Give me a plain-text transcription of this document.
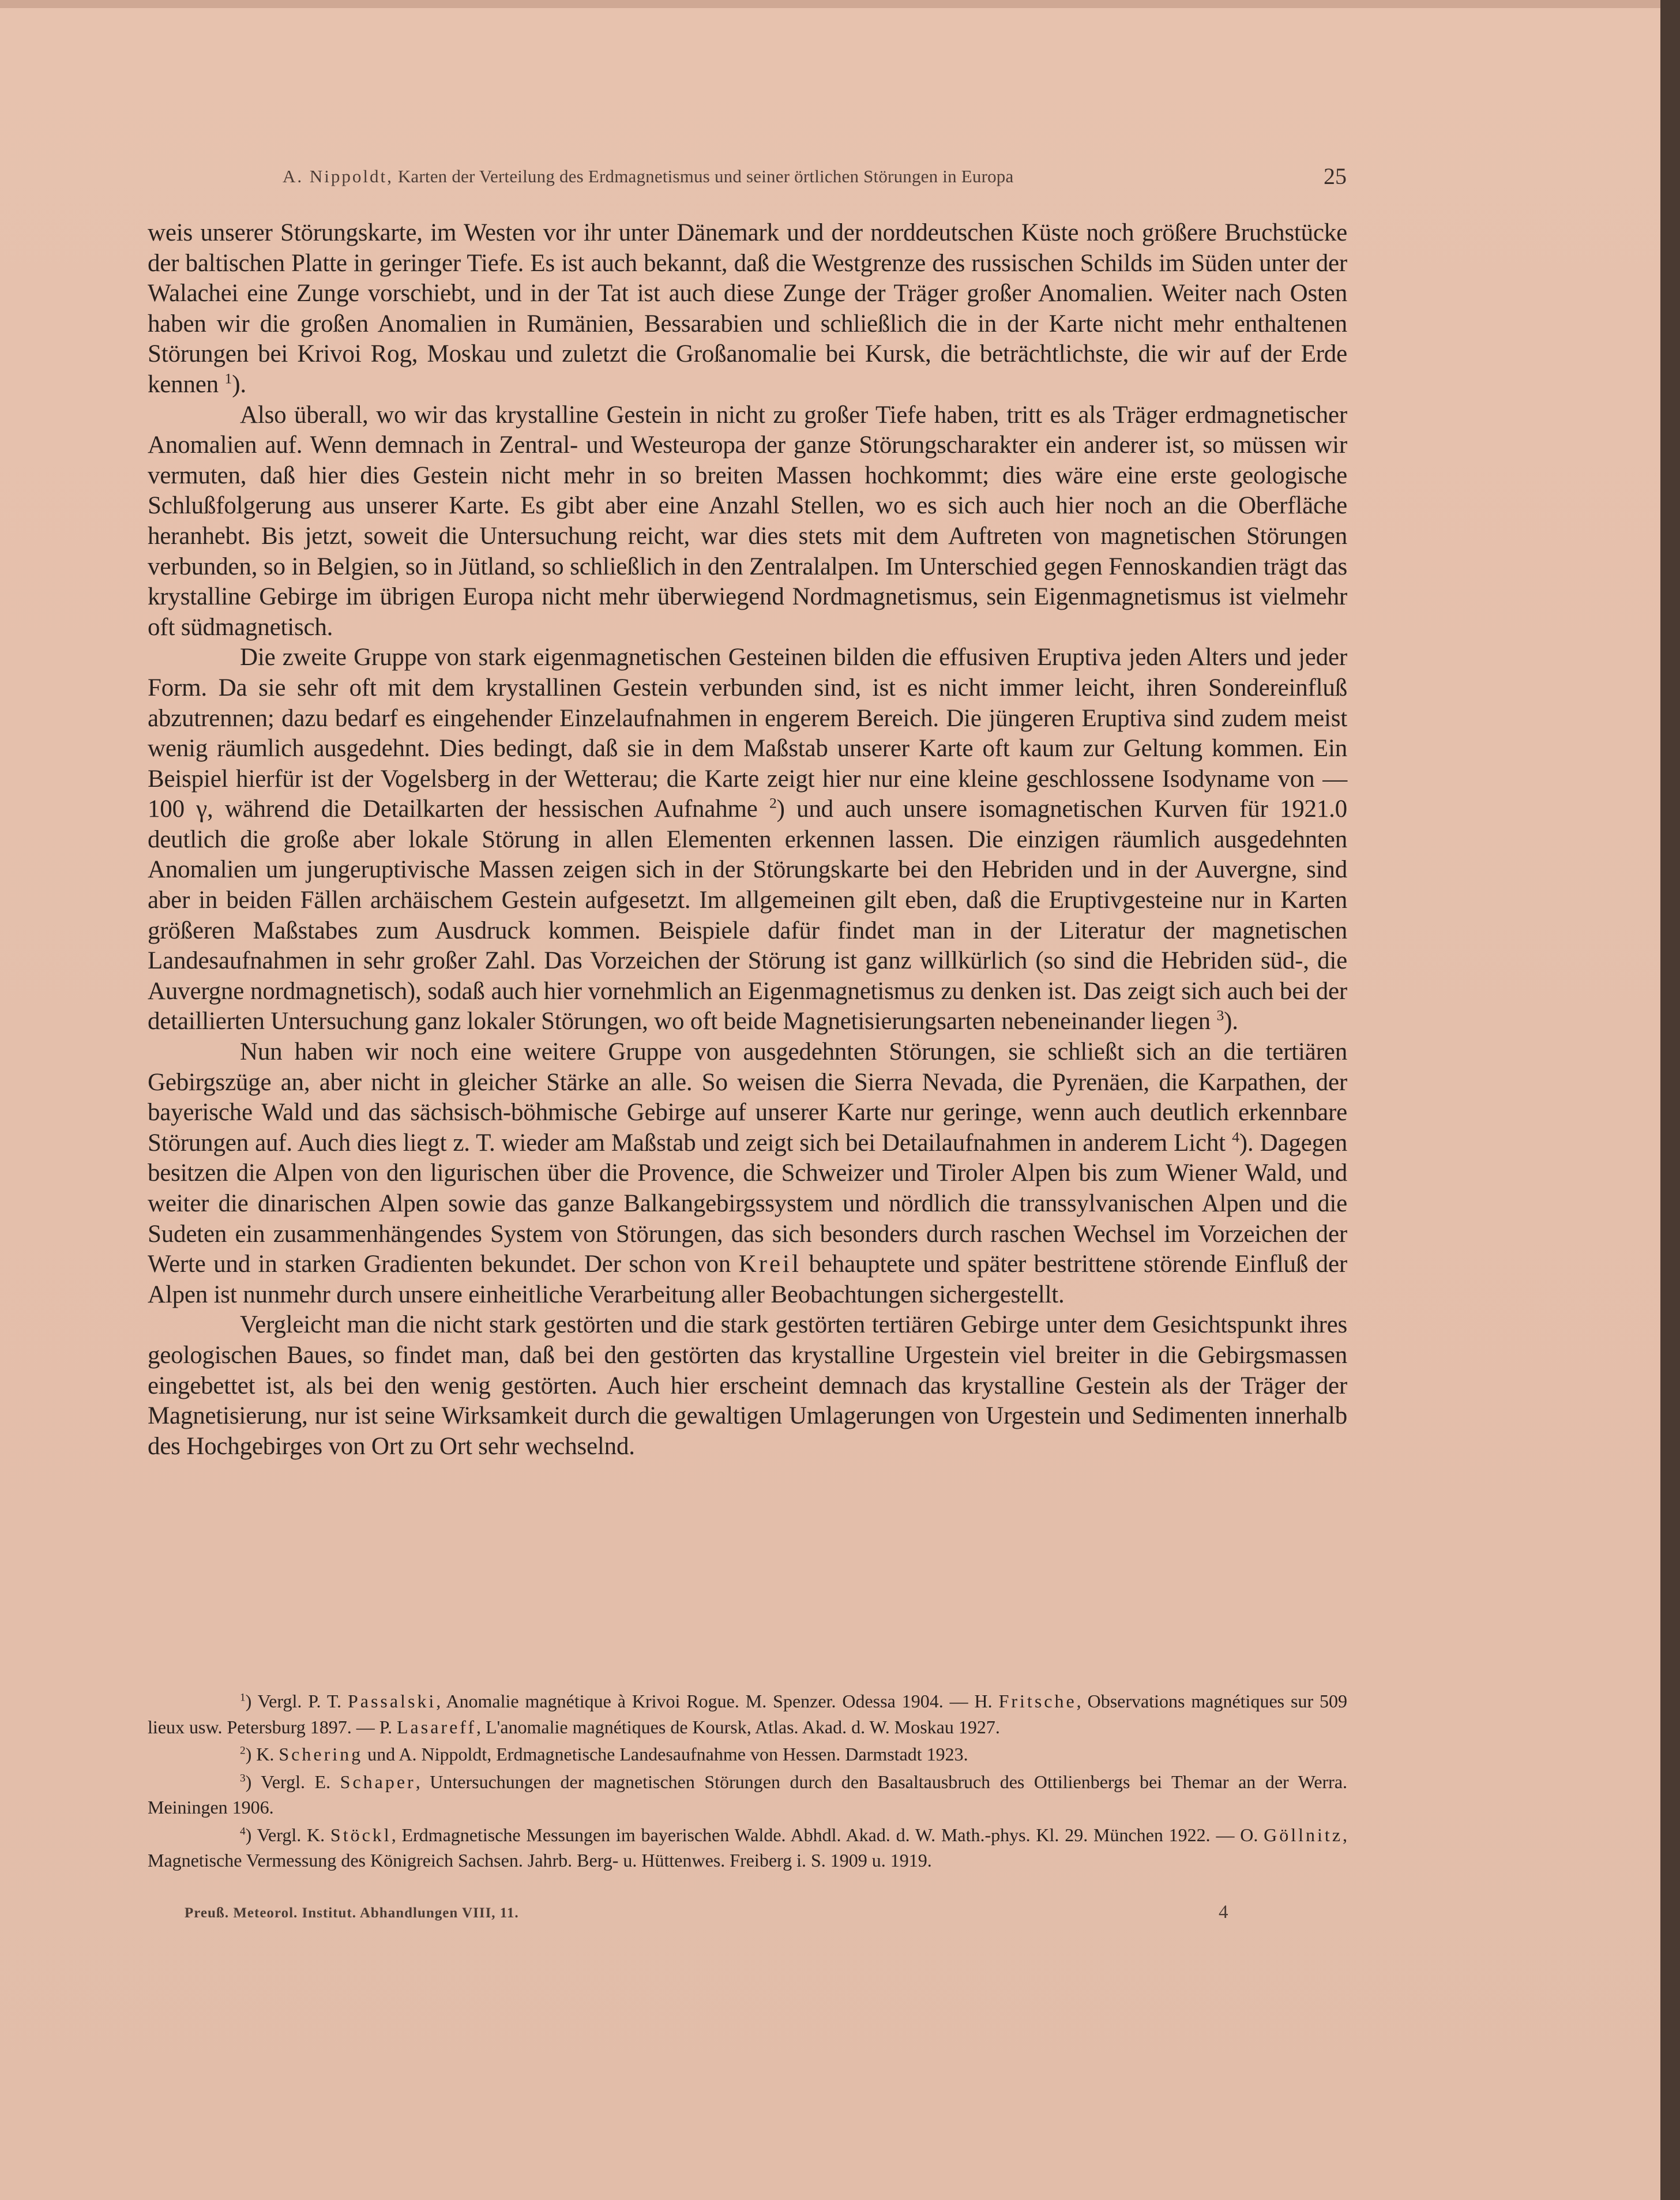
A. Nippoldt, Karten der Verteilung des Erdmagnetismus und seiner örtlichen Störungen in Europa	25

weis unserer Störungskarte, im Westen vor ihr unter Dänemark und der norddeutschen Küste noch größere Bruchstücke der baltischen Platte in geringer Tiefe. Es ist auch bekannt, daß die Westgrenze des russischen Schilds im Süden unter der Walachei eine Zunge vorschiebt, und in der Tat ist auch diese Zunge der Träger großer Anomalien. Weiter nach Osten haben wir die großen Anomalien in Rumänien, Bessarabien und schließlich die in der Karte nicht mehr enthaltenen Störungen bei Krivoi Rog, Moskau und zuletzt die Großanomalie bei Kursk, die beträchtlichste, die wir auf der Erde kennen $^1$).

Also überall, wo wir das krystalline Gestein in nicht zu großer Tiefe haben, tritt es als Träger erdmagnetischer Anomalien auf. Wenn demnach in Zentral- und Westeuropa der ganze Störungscharakter ein anderer ist, so müssen wir vermuten, daß hier dies Gestein nicht mehr in so breiten Massen hochkommt; dies wäre eine erste geologische Schlußfolgerung aus unserer Karte. Es gibt aber eine Anzahl Stellen, wo es sich auch hier noch an die Oberfläche heranhebt. Bis jetzt, soweit die Untersuchung reicht, war dies stets mit dem Auftreten von magnetischen Störungen verbunden, so in Belgien, so in Jütland, so schließlich in den Zentralalpen. Im Unterschied gegen Fennoskandien trägt das krystalline Gebirge im übrigen Europa nicht mehr überwiegend Nordmagnetismus, sein Eigenmagnetismus ist vielmehr oft südmagnetisch.

Die zweite Gruppe von stark eigenmagnetischen Gesteinen bilden die effusiven Eruptiva jeden Alters und jeder Form. Da sie sehr oft mit dem krystallinen Gestein verbunden sind, ist es nicht immer leicht, ihren Sondereinfluß abzutrennen; dazu bedarf es eingehender Einzelaufnahmen in engerem Bereich. Die jüngeren Eruptiva sind zudem meist wenig räumlich ausgedehnt. Dies bedingt, daß sie in dem Maßstab unserer Karte oft kaum zur Geltung kommen. Ein Beispiel hierfür ist der Vogelsberg in der Wetterau; die Karte zeigt hier nur eine kleine geschlossene Isodyname von — 100 γ, während die Detailkarten der hessischen Aufnahme $^2$) und auch unsere isomagnetischen Kurven für 1921.0 deutlich die große aber lokale Störung in allen Elementen erkennen lassen. Die einzigen räumlich ausgedehnten Anomalien um jungeruptivische Massen zeigen sich in der Störungskarte bei den Hebriden und in der Auvergne, sind aber in beiden Fällen archäischem Gestein aufgesetzt. Im allgemeinen gilt eben, daß die Eruptivgesteine nur in Karten größeren Maßstabes zum Ausdruck kommen. Beispiele dafür findet man in der Literatur der magnetischen Landesaufnahmen in sehr großer Zahl. Das Vorzeichen der Störung ist ganz willkürlich (so sind die Hebriden süd-, die Auvergne nordmagnetisch), sodaß auch hier vornehmlich an Eigenmagnetismus zu denken ist. Das zeigt sich auch bei der detaillierten Untersuchung ganz lokaler Störungen, wo oft beide Magnetisierungsarten nebeneinander liegen $^3$).

Nun haben wir noch eine weitere Gruppe von ausgedehnten Störungen, sie schließt sich an die tertiären Gebirgszüge an, aber nicht in gleicher Stärke an alle. So weisen die Sierra Nevada, die Pyrenäen, die Karpathen, der bayerische Wald und das sächsisch-böhmische Gebirge auf unserer Karte nur geringe, wenn auch deutlich erkennbare Störungen auf. Auch dies liegt z. T. wieder am Maßstab und zeigt sich bei Detailaufnahmen in anderem Licht $^4$). Dagegen besitzen die Alpen von den ligurischen über die Provence, die Schweizer und Tiroler Alpen bis zum Wiener Wald, und weiter die dinarischen Alpen sowie das ganze Balkangebirgssystem und nördlich die transsylvanischen Alpen und die Sudeten ein zusammenhängendes System von Störungen, das sich besonders durch raschen Wechsel im Vorzeichen der Werte und in starken Gradienten bekundet. Der schon von Kreil behauptete und später bestrittene störende Einfluß der Alpen ist nunmehr durch unsere einheitliche Verarbeitung aller Beobachtungen sichergestellt.

Vergleicht man die nicht stark gestörten und die stark gestörten tertiären Gebirge unter dem Gesichtspunkt ihres geologischen Baues, so findet man, daß bei den gestörten das krystalline Urgestein viel breiter in die Gebirgsmassen eingebettet ist, als bei den wenig gestörten. Auch hier erscheint demnach das krystalline Gestein als der Träger der Magnetisierung, nur ist seine Wirksamkeit durch die gewaltigen Umlagerungen von Urgestein und Sedimenten innerhalb des Hochgebirges von Ort zu Ort sehr wechselnd.

$^1$) Vergl. P. T. Passalski, Anomalie magnétique à Krivoi Rogue. M. Spenzer. Odessa 1904. — H. Fritsche, Observations magnétiques sur 509 lieux usw. Petersburg 1897. — P. Lasareff, L'anomalie magnétiques de Koursk, Atlas. Akad. d. W. Moskau 1927.

$^2$) K. Schering und A. Nippoldt, Erdmagnetische Landesaufnahme von Hessen. Darmstadt 1923.

$^3$) Vergl. E. Schaper, Untersuchungen der magnetischen Störungen durch den Basaltausbruch des Ottilienbergs bei Themar an der Werra. Meiningen 1906.

$^4$) Vergl. K. Stöckl, Erdmagnetische Messungen im bayerischen Walde. Abhdl. Akad. d. W. Math.-phys. Kl. 29. München 1922. — O. Göllnitz, Magnetische Vermessung des Königreich Sachsen. Jahrb. Berg- u. Hüttenwes. Freiberg i. S. 1909 u. 1919.

Preuß. Meteorol. Institut. Abhandlungen VIII, 11.	4
